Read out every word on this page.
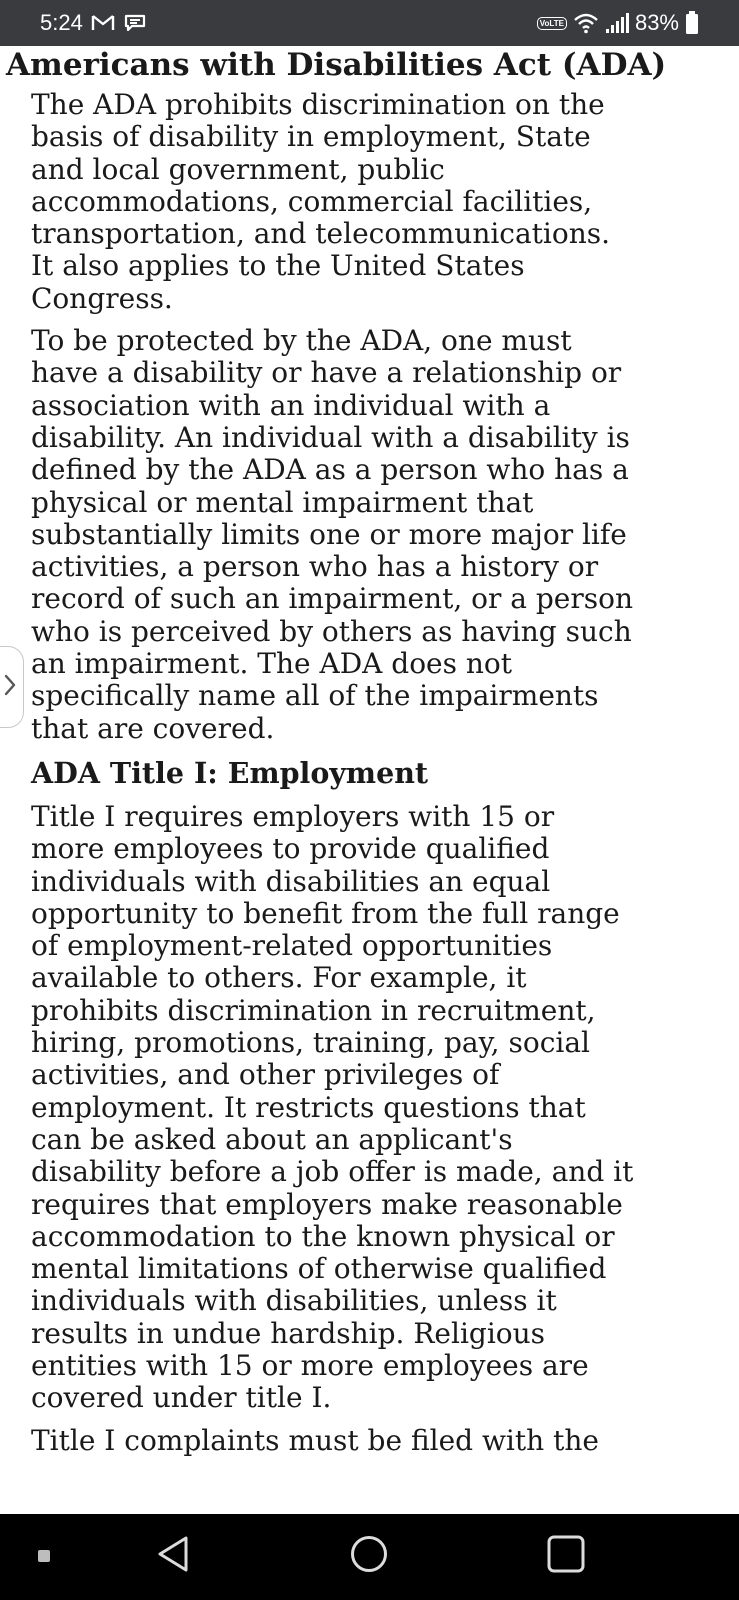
5:24	VoLTE	83%
Americans with Disabilities Act (ADA)

The ADA prohibits discrimination on the basis of disability in employment, State and local government, public accommodations, commercial facilities, transportation, and telecommunications. It also applies to the United States Congress.

To be protected by the ADA, one must have a disability or have a relationship or association with an individual with a disability. An individual with a disability is defined by the ADA as a person who has a physical or mental impairment that substantially limits one or more major life activities, a person who has a history or record of such an impairment, or a person who is perceived by others as having such an impairment. The ADA does not specifically name all of the impairments that are covered.

ADA Title I: Employment

Title I requires employers with 15 or more employees to provide qualified individuals with disabilities an equal opportunity to benefit from the full range of employment-related opportunities available to others. For example, it prohibits discrimination in recruitment, hiring, promotions, training, pay, social activities, and other privileges of employment. It restricts questions that can be asked about an applicant's disability before a job offer is made, and it requires that employers make reasonable accommodation to the known physical or mental limitations of otherwise qualified individuals with disabilities, unless it results in undue hardship. Religious entities with 15 or more employees are covered under title I.

Title I complaints must be filed with the
